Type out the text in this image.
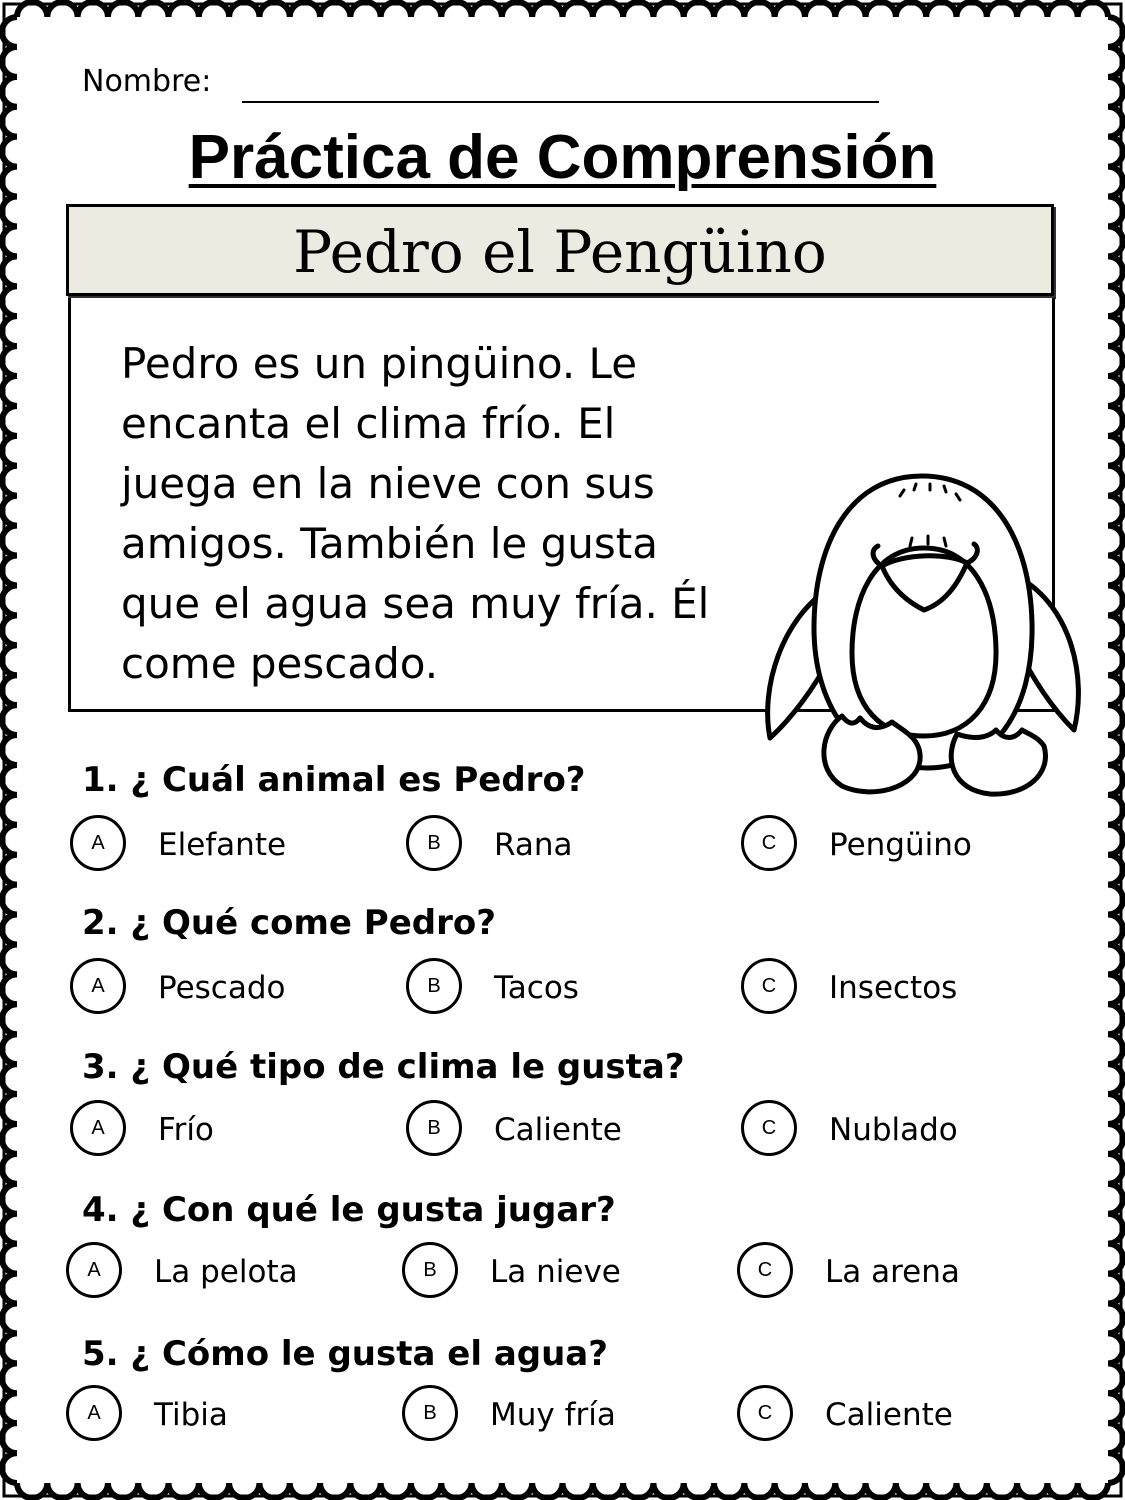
Nombre:
Práctica de Comprensión
Pedro el Pengüino
Pedro es un pingüino. Le
encanta el clima frío. El
juega en la nieve con sus
amigos. También le gusta
que el agua sea muy fría. Él
come pescado.
1. ¿ Cuál animal es Pedro?
A	Elefante	B	Rana	C	Pengüino
2. ¿ Qué come Pedro?
A	Pescado	B	Tacos	C	Insectos
3. ¿ Qué tipo de clima le gusta?
A	Frío	B	Caliente	C	Nublado
4. ¿ Con qué le gusta jugar?
A	La pelota	B	La nieve	C	La arena
5. ¿ Cómo le gusta el agua?
A	Tibia	B	Muy fría	C	Caliente
